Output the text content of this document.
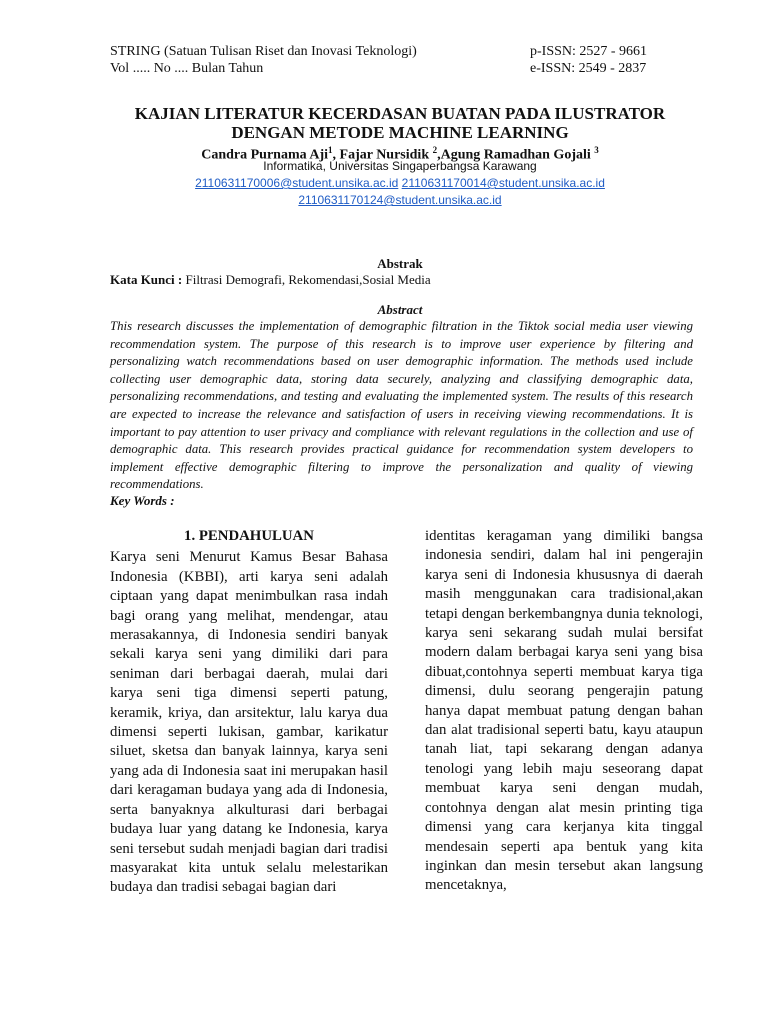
STRING (Satuan Tulisan Riset dan Inovasi Teknologi)	p-ISSN: 2527 - 9661
Vol ..... No .... Bulan Tahun	e-ISSN: 2549 - 2837
KAJIAN LITERATUR KECERDASAN BUATAN PADA ILUSTRATOR
DENGAN METODE MACHINE LEARNING
Candra Purnama Aji$^1$, Fajar Nursidik $^2$,Agung Ramadhan Gojali $^3$
Informatika, Universitas Singaperbangsa Karawang
2110631170006@student.unsika.ac.id 2110631170014@student.unsika.ac.id
2110631170124@student.unsika.ac.id
Abstrak
Kata Kunci : Filtrasi Demografi, Rekomendasi,Sosial Media
Abstract

This research discusses the implementation of demographic filtration in the Tiktok social media user viewing recommendation system. The purpose of this research is to improve user experience by filtering and personalizing watch recommendations based on user demographic information. The methods used include collecting user demographic data, storing data securely, analyzing and classifying demographic data, personalizing recommendations, and testing and evaluating the implemented system. The results of this research are expected to increase the relevance and satisfaction of users in receiving viewing recommendations. It is important to pay attention to user privacy and compliance with relevant regulations in the collection and use of demographic data. This research provides practical guidance for recommendation system developers to implement effective demographic filtering to improve the personalization and quality of viewing recommendations.

Key Words :
1. PENDAHULUAN

Karya seni Menurut Kamus Besar Bahasa Indonesia (KBBI), arti karya seni adalah ciptaan yang dapat menimbulkan rasa indah bagi orang yang melihat, mendengar, atau merasakannya, di Indonesia sendiri banyak sekali karya seni yang dimiliki dari para seniman dari berbagai daerah, mulai dari karya seni tiga dimensi seperti patung, keramik, kriya, dan arsitektur, lalu karya dua dimensi seperti lukisan, gambar, karikatur siluet, sketsa dan banyak lainnya, karya seni yang ada di Indonesia saat ini merupakan hasil dari keragaman budaya yang ada di Indonesia, serta banyaknya alkulturasi dari berbagai budaya luar yang datang ke Indonesia, karya seni tersebut sudah menjadi bagian dari tradisi masyarakat kita untuk selalu melestarikan budaya dan tradisi sebagai bagian dari

identitas keragaman yang dimiliki bangsa indonesia sendiri, dalam hal ini pengerajin karya seni di Indonesia khususnya di daerah masih menggunakan cara tradisional,akan tetapi dengan berkembangnya dunia teknologi, karya seni sekarang sudah mulai bersifat modern dalam berbagai karya seni yang bisa dibuat,contohnya seperti membuat karya tiga dimensi, dulu seorang pengerajin patung hanya dapat membuat patung dengan bahan dan alat tradisional seperti batu, kayu ataupun tanah liat, tapi sekarang dengan adanya tenologi yang lebih maju seseorang dapat membuat karya seni dengan mudah, contohnya dengan alat mesin printing tiga dimensi yang cara kerjanya kita tinggal mendesain seperti apa bentuk yang kita inginkan dan mesin tersebut akan langsung mencetaknya,
